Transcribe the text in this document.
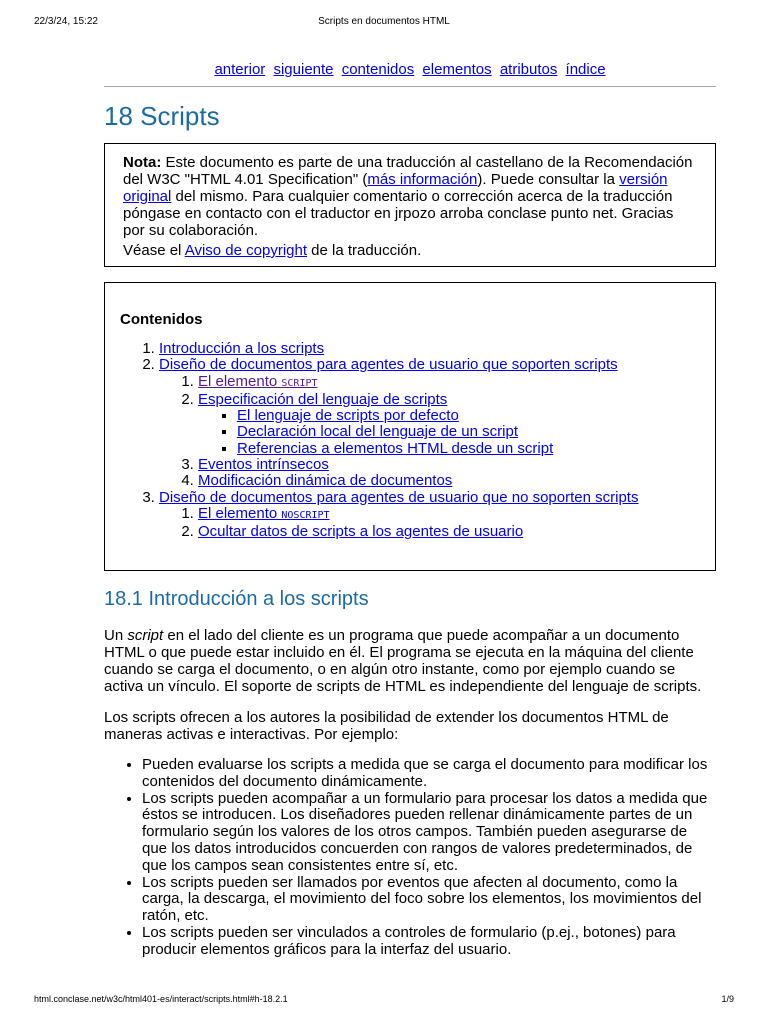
22/3/24, 15:22	Scripts en documentos HTML
anterior siguiente contenidos elementos atributos índice
18 Scripts

Nota: Este documento es parte de una traducción al castellano de la Recomendación del W3C "HTML 4.01 Specification" (más información). Puede consultar la versión original del mismo. Para cualquier comentario o corrección acerca de la traducción póngase en contacto con el traductor en jrpozo arroba conclase punto net. Gracias por su colaboración.

Véase el Aviso de copyright de la traducción.

Contenidos
1. Introducción a los scripts
2. Diseño de documentos para agentes de usuario que soporten scripts
1. El elemento SCRIPT
2. Especificación del lenguaje de scripts
▪ El lenguaje de scripts por defecto
▪ Declaración local del lenguaje de un script
▪ Referencias a elementos HTML desde un script
3. Eventos intrínsecos
4. Modificación dinámica de documentos
3. Diseño de documentos para agentes de usuario que no soporten scripts
1. El elemento NOSCRIPT
2. Ocultar datos de scripts a los agentes de usuario
18.1 Introducción a los scripts

Un script en el lado del cliente es un programa que puede acompañar a un documento HTML o que puede estar incluido en él. El programa se ejecuta en la máquina del cliente cuando se carga el documento, o en algún otro instante, como por ejemplo cuando se activa un vínculo. El soporte de scripts de HTML es independiente del lenguaje de scripts.

Los scripts ofrecen a los autores la posibilidad de extender los documentos HTML de maneras activas e interactivas. Por ejemplo:

• Pueden evaluarse los scripts a medida que se carga el documento para modificar los contenidos del documento dinámicamente.
• Los scripts pueden acompañar a un formulario para procesar los datos a medida que éstos se introducen. Los diseñadores pueden rellenar dinámicamente partes de un formulario según los valores de los otros campos. También pueden asegurarse de que los datos introducidos concuerden con rangos de valores predeterminados, de que los campos sean consistentes entre sí, etc.
• Los scripts pueden ser llamados por eventos que afecten al documento, como la carga, la descarga, el movimiento del foco sobre los elementos, los movimientos del ratón, etc.
• Los scripts pueden ser vinculados a controles de formulario (p.ej., botones) para producir elementos gráficos para la interfaz del usuario.
html.conclase.net/w3c/html401-es/interact/scripts.html#h-18.2.1	1/9
